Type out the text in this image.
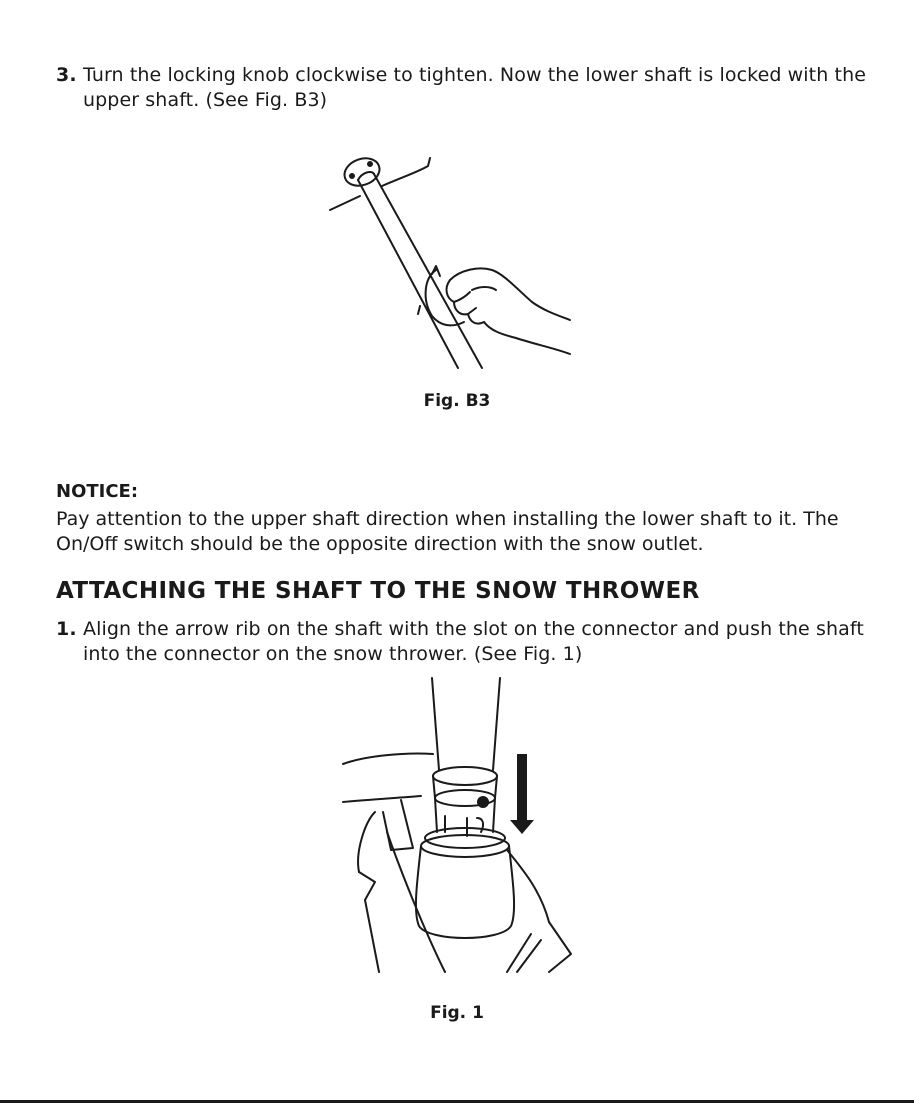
3. Turn the locking knob clockwise to tighten. Now the lower shaft is locked with the upper shaft. (See Fig. B3)
Fig. B3
NOTICE:
Pay attention to the upper shaft direction when installing the lower shaft to it. The On/Off switch should be the opposite direction with the snow outlet.
ATTACHING THE SHAFT TO THE SNOW THROWER
1. Align the arrow rib on the shaft with the slot on the connector and push the shaft into the connector on the snow thrower. (See Fig. 1)
Fig. 1
